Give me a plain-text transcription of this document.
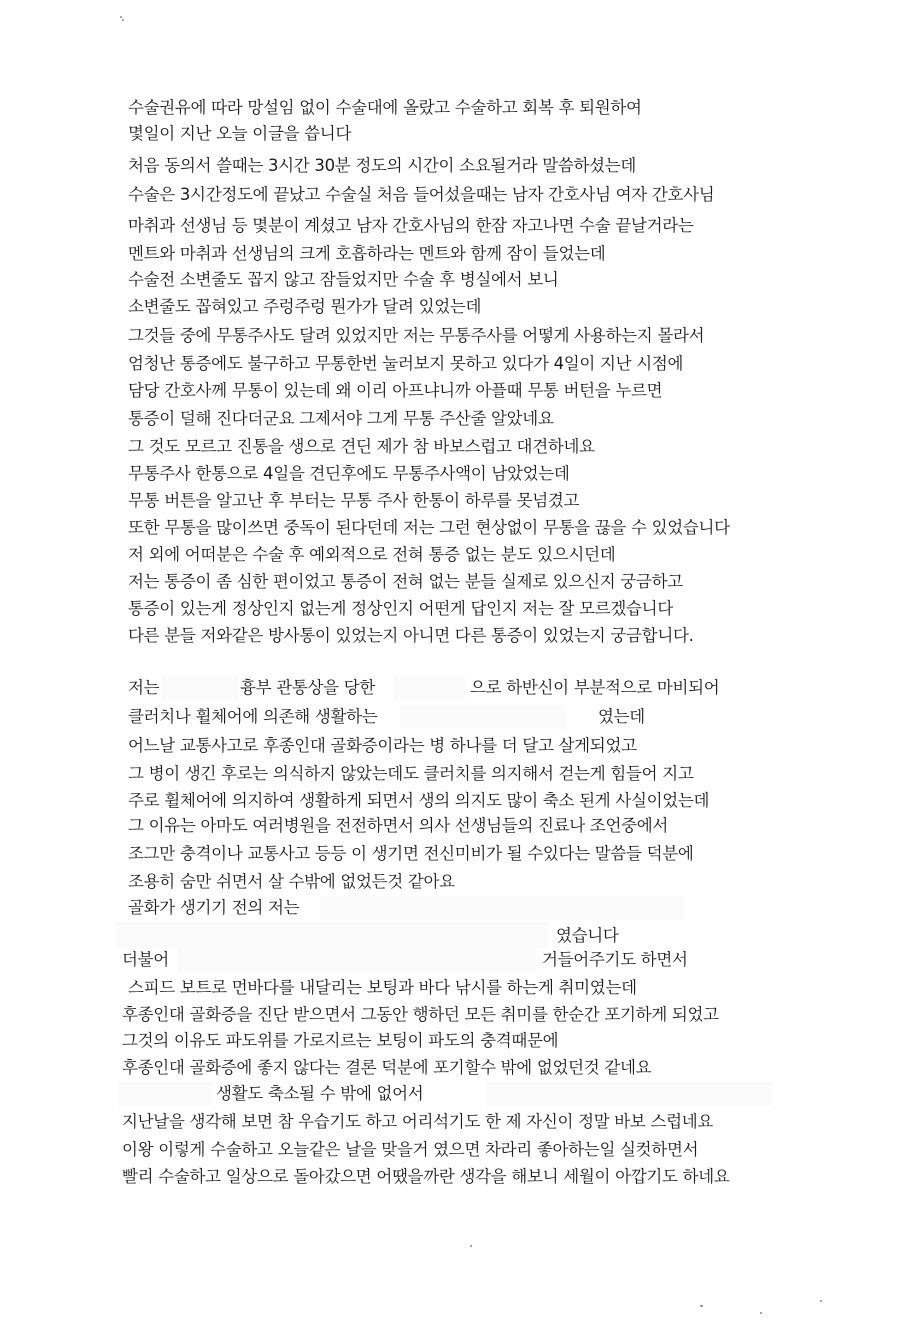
수술권유에 따라 망설임 없이 수술대에 올랐고 수술하고 회복 후 퇴원하여
몇일이 지난 오늘 이글을 씁니다
처음 동의서 쓸때는 3시간 30분 정도의 시간이 소요될거라 말씀하셨는데
수술은 3시간정도에 끝났고 수술실 처음 들어섰을때는 남자 간호사님 여자 간호사님
마취과 선생님 등 몇분이 계셨고 남자 간호사님의 한잠 자고나면 수술 끝날거라는
멘트와 마취과 선생님의 크게 호흡하라는 멘트와 함께 잠이 들었는데
수술전 소변줄도 꼽지 않고 잠들었지만 수술 후 병실에서 보니
소변줄도 꼽혀있고 주렁주렁 뭔가가 달려 있었는데
그것들 중에 무통주사도 달려 있었지만 저는 무통주사를 어떻게 사용하는지 몰라서
엄청난 통증에도 불구하고 무통한번 눌러보지 못하고 있다가 4일이 지난 시점에
담당 간호사께 무통이 있는데 왜 이리 아프냐니까 아플때 무통 버턴을 누르면
통증이 덜해 진다더군요 그제서야 그게 무통 주산줄 알았네요
그 것도 모르고 진통을 생으로 견딘 제가 참 바보스럽고 대견하네요
무통주사 한통으로 4일을 견딘후에도 무통주사액이 남았었는데
무통 버튼을 알고난 후 부터는 무통 주사 한통이 하루를 못넘겼고
또한 무통을 많이쓰면 중독이 된다던데 저는 그런 현상없이 무통을 끊을 수 있었습니다
저 외에 어떠분은 수술 후 예외적으로 전혀 통증 없는 분도 있으시던데
저는 통증이 좀 심한 편이었고 통증이 전혀 없는 분들 실제로 있으신지 궁금하고
통증이 있는게 정상인지 없는게 정상인지 어떤게 답인지 저는 잘 모르겠습니다
다른 분들 저와같은 방사통이 있었는지 아니면 다른 통증이 있었는지 궁금합니다.
저는	흉부 관통상을 당한	으로 하반신이 부분적으로 마비되어
클러치나 휠체어에 의존해 생활하는	였는데
어느날 교통사고로 후종인대 골화증이라는 병 하나를 더 달고 살게되었고
그 병이 생긴 후로는 의식하지 않았는데도 클러치를 의지해서 걷는게 힘들어 지고
주로 휠체어에 의지하여 생활하게 되면서 생의 의지도 많이 축소 된게 사실이었는데
그 이유는 아마도 여러병원을 전전하면서 의사 선생님들의 진료나 조언중에서
조그만 충격이나 교통사고 등등 이 생기면 전신미비가 될 수있다는 말씀들 덕분에
조용히 숨만 쉬면서 살 수밖에 없었든것 같아요
골화가 생기기 전의 저는
였습니다
더불어	거들어주기도 하면서
스피드 보트로 먼바다를 내달리는 보팅과 바다 낚시를 하는게 취미였는데
후종인대 골화증을 진단 받으면서 그동안 행하던 모든 취미를 한순간 포기하게 되었고
그것의 이유도 파도위를 가로지르는 보팅이 파도의 충격때문에
후종인대 골화증에 좋지 않다는 결론 덕분에 포기할수 밖에 없었던것 같네요
생활도 축소될 수 밖에 없어서
지난날을 생각해 보면 참 우습기도 하고 어리석기도 한 제 자신이 정말 바보 스럽네요
이왕 이렇게 수술하고 오늘같은 날을 맞을거 였으면 차라리 좋아하는일 실컷하면서
빨리 수술하고 일상으로 돌아갔으면 어땠을까란 생각을 해보니 세월이 아깝기도 하네요
